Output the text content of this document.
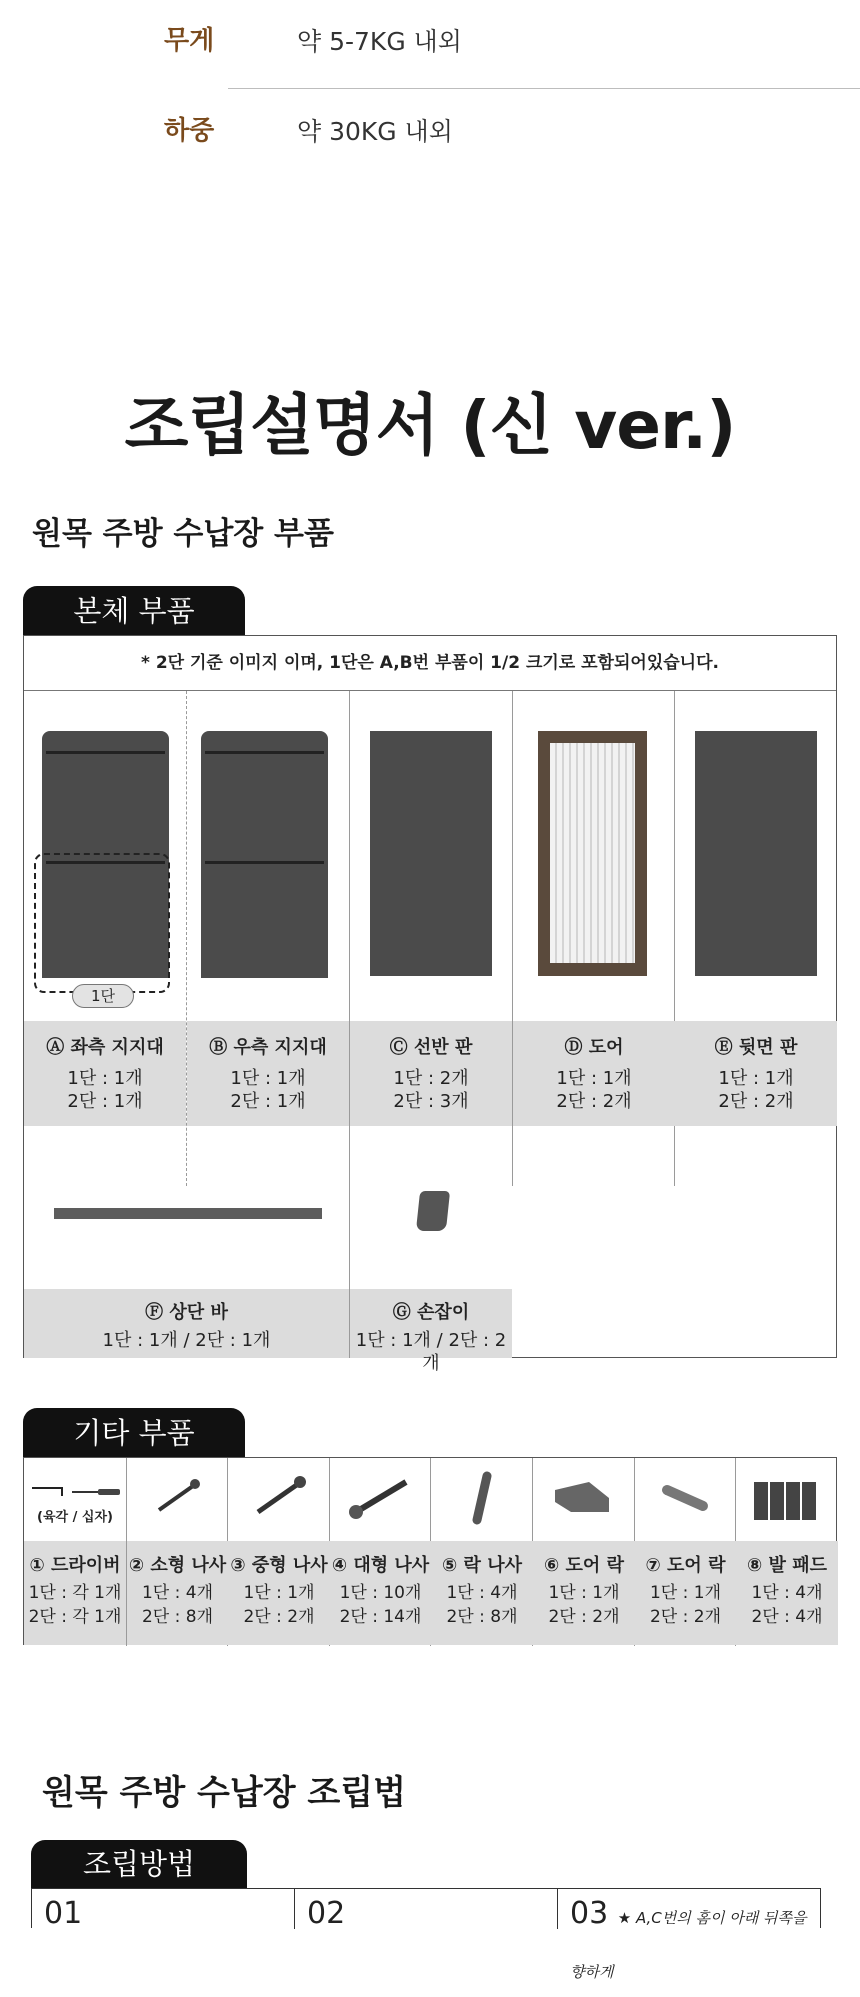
무게	약 5-7KG 내외
하중	약 30KG 내외
조립설명서 (신 ver.)
원목 주방 수납장 부품
본체 부품
* 2단 기준 이미지 이며, 1단은 A,B번 부품이 1/2 크기로 포함되어있습니다.
1단
Ⓐ 좌측 지지대
1단 : 1개
2단 : 1개
Ⓑ 우측 지지대
1단 : 1개
2단 : 1개
Ⓒ 선반 판
1단 : 2개
2단 : 3개
Ⓓ 도어
1단 : 1개
2단 : 2개
Ⓔ 뒷면 판
1단 : 1개
2단 : 2개
Ⓕ 상단 바
1단 : 1개 / 2단 : 1개
Ⓖ 손잡이
1단 : 1개 / 2단 : 2개
기타 부품
(육각 / 십자)
① 드라이버
1단 : 각 1개
2단 : 각 1개
② 소형 나사
1단 : 4개
2단 : 8개
③ 중형 나사
1단 : 1개
2단 : 2개
④ 대형 나사
1단 : 10개
2단 : 14개
⑤ 락 나사
1단 : 4개
2단 : 8개
⑥ 도어 락
1단 : 1개
2단 : 2개
⑦ 도어 락
1단 : 1개
2단 : 2개
⑧ 발 패드
1단 : 4개
2단 : 4개
원목 주방 수납장 조립법
조립방법
01	02	03 ★ A,C번의 홈이 아래 뒤쪽을 향하게
